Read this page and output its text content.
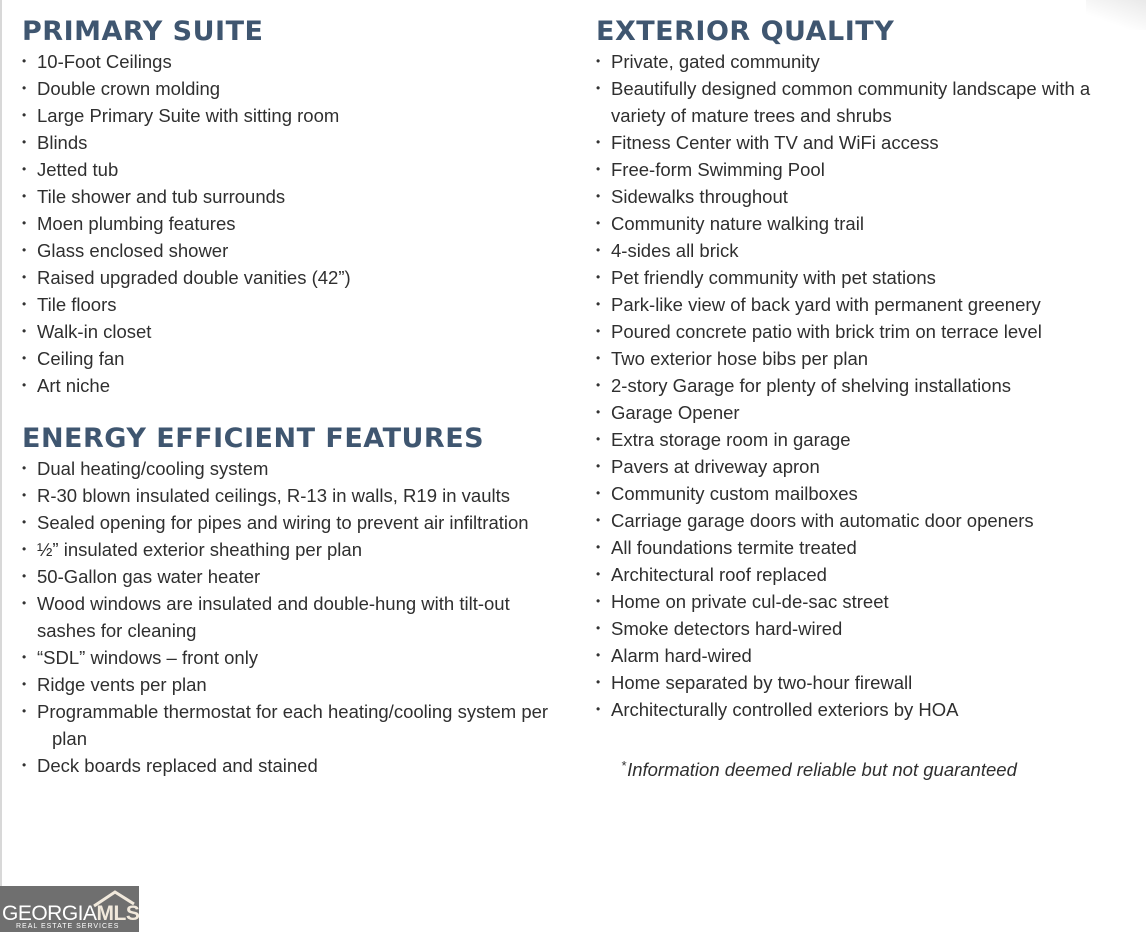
PRIMARY SUITE
• 10-Foot Ceilings
• Double crown molding
• Large Primary Suite with sitting room
• Blinds
• Jetted tub
• Tile shower and tub surrounds
• Moen plumbing features
• Glass enclosed shower
• Raised upgraded double vanities (42”)
• Tile floors
• Walk-in closet
• Ceiling fan
• Art niche
ENERGY EFFICIENT FEATURES
• Dual heating/cooling system
• R-30 blown insulated ceilings, R-13 in walls, R19 in vaults
• Sealed opening for pipes and wiring to prevent air infiltration
• ½” insulated exterior sheathing per plan
• 50-Gallon gas water heater
• Wood windows are insulated and double-hung with tilt-out sashes for cleaning
• “SDL” windows – front only
• Ridge vents per plan
• Programmable thermostat for each heating/cooling system per
plan
• Deck boards replaced and stained
EXTERIOR QUALITY
• Private, gated community
• Beautifully designed common community landscape with a variety of mature trees and shrubs
• Fitness Center with TV and WiFi access
• Free-form Swimming Pool
• Sidewalks throughout
• Community nature walking trail
• 4-sides all brick
• Pet friendly community with pet stations
• Park-like view of back yard with permanent greenery
• Poured concrete patio with brick trim on terrace level
• Two exterior hose bibs per plan
• 2-story Garage for plenty of shelving installations
• Garage Opener
• Extra storage room in garage
• Pavers at driveway apron
• Community custom mailboxes
• Carriage garage doors with automatic door openers
• All foundations termite treated
• Architectural roof replaced
• Home on private cul-de-sac street
• Smoke detectors hard-wired
• Alarm hard-wired
• Home separated by two-hour firewall
• Architecturally controlled exteriors by HOA
*Information deemed reliable but not guaranteed
GEORGIAMLS
REAL ESTATE SERVICES
